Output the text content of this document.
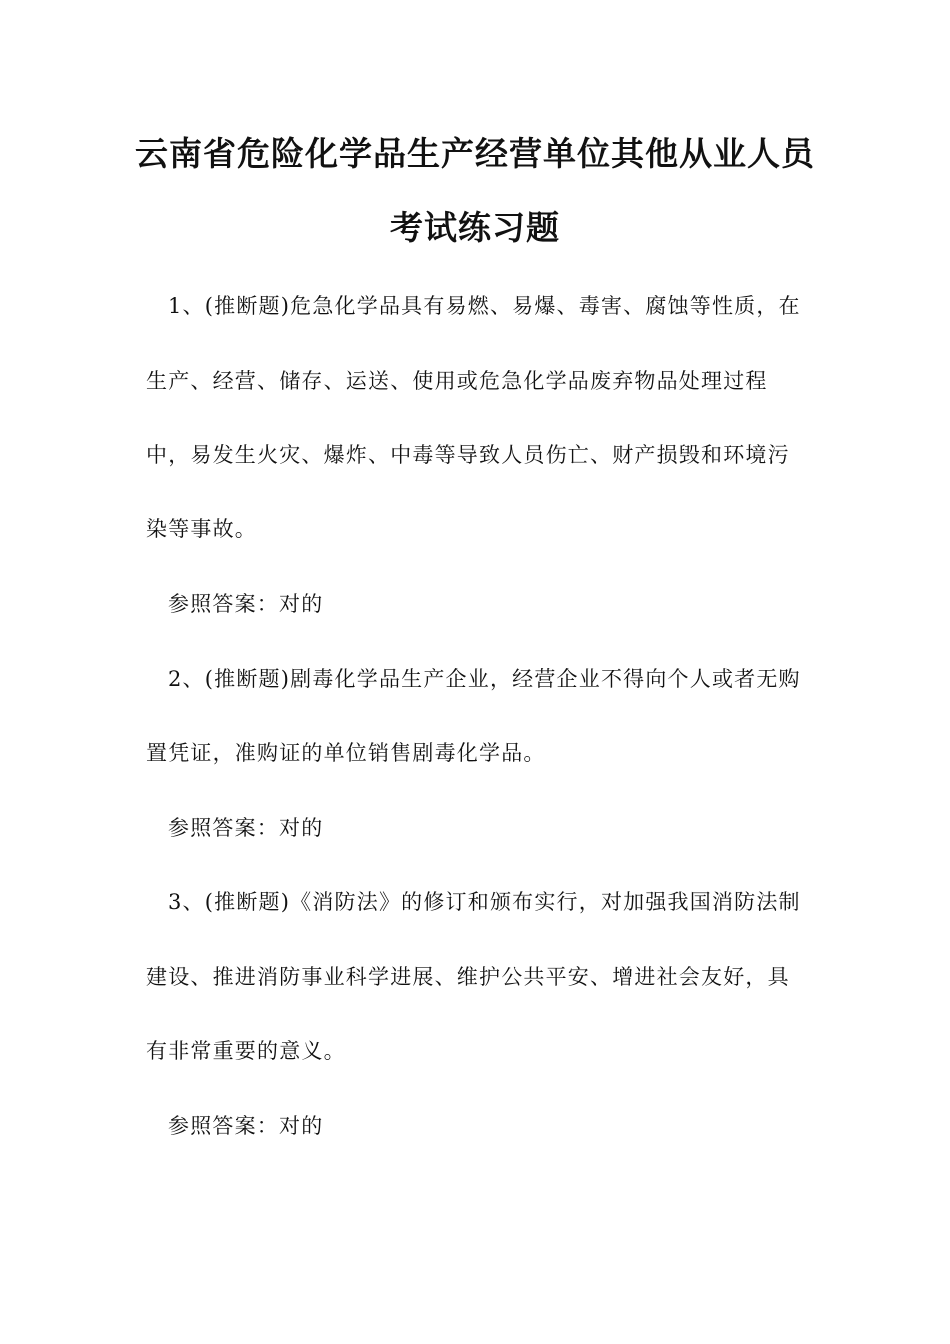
云南省危险化学品生产经营单位其他从业人员
考试练习题
1、(推断题)危急化学品具有易燃、易爆、毒害、腐蚀等性质，在
生产、经营、储存、运送、使用或危急化学品废弃物品处理过程
中，易发生火灾、爆炸、中毒等导致人员伤亡、财产损毁和环境污
染等事故。
参照答案：对的
2、(推断题)剧毒化学品生产企业，经营企业不得向个人或者无购
置凭证，准购证的单位销售剧毒化学品。
参照答案：对的
3、(推断题)《消防法》的修订和颁布实行，对加强我国消防法制
建设、推进消防事业科学进展、维护公共平安、增进社会友好，具
有非常重要的意义。
参照答案：对的
